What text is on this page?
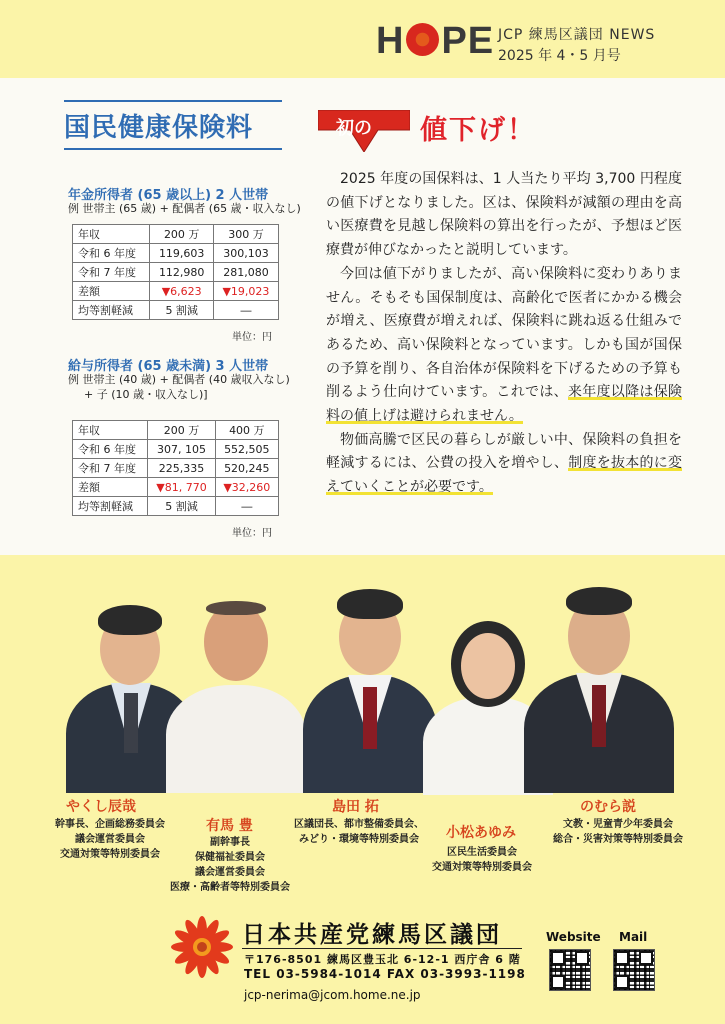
H PE JCP 練馬区議団 NEWS
2025 年 4・5 月号
国民健康保険料	初の 値下げ！
年金所得者 (65 歳以上) 2 人世帯
例 世帯主 (65 歳) + 配偶者 (65 歳・収入なし)
年収	200 万	300 万
令和 6 年度	119,603	300,103
令和 7 年度	112,980	281,080
差額	▼6,623	▼19,023
均等割軽減	5 割減	―
単位：円
給与所得者 (65 歳未満) 3 人世帯
例 世帯主 (40 歳) + 配偶者 (40 歳収入なし)
+ 子 (10 歳・収入なし)]
年収	200 万	400 万
令和 6 年度	307, 105	552,505
令和 7 年度	225,335	520,245
差額	▼81, 770	▼32,260
均等割軽減	5 割減	―
単位：円

2025 年度の国保料は、1 人当たり平均 3,700 円程度の値下げとなりました。区は、保険料が減額の理由を高い医療費を見越し保険料の算出を行ったが、予想ほど医療費が伸びなかったと説明しています。

今回は値下がりましたが、高い保険料に変わりありません。そもそも国保制度は、高齢化で医者にかかる機会が増え、医療費が増えれば、保険料に跳ね返る仕組みであるため、高い保険料となっています。しかも国が国保の予算を削り、各自治体が保険料を下げるための予算も削るよう仕向けています。これでは、来年度以降は保険料の値上げは避けられません。

物価高騰で区民の暮らしが厳しい中、保険料の負担を軽減するには、公費の投入を増やし、制度を抜本的に変えていくことが必要です。

やくし辰哉
幹事長、企画総務委員会
議会運営委員会
交通対策等特別委員会
有馬 豊
副幹事長
保健福祉委員会
議会運営委員会
医療・高齢者等特別委員会
島田 拓
区議団長、都市整備委員会、
みどり・環境等特別委員会	小松あゆみ
区民生活委員会
交通対策等特別委員会
のむら説
文教・児童青少年委員会
総合・災害対策等特別委員会
日本共産党練馬区議団
〒176-8501 練馬区豊玉北 6-12-1 西庁舎 6 階
TEL 03-5984-1014 FAX 03-3993-1198
jcp-nerima@jcom.home.ne.jp
Website Mail
